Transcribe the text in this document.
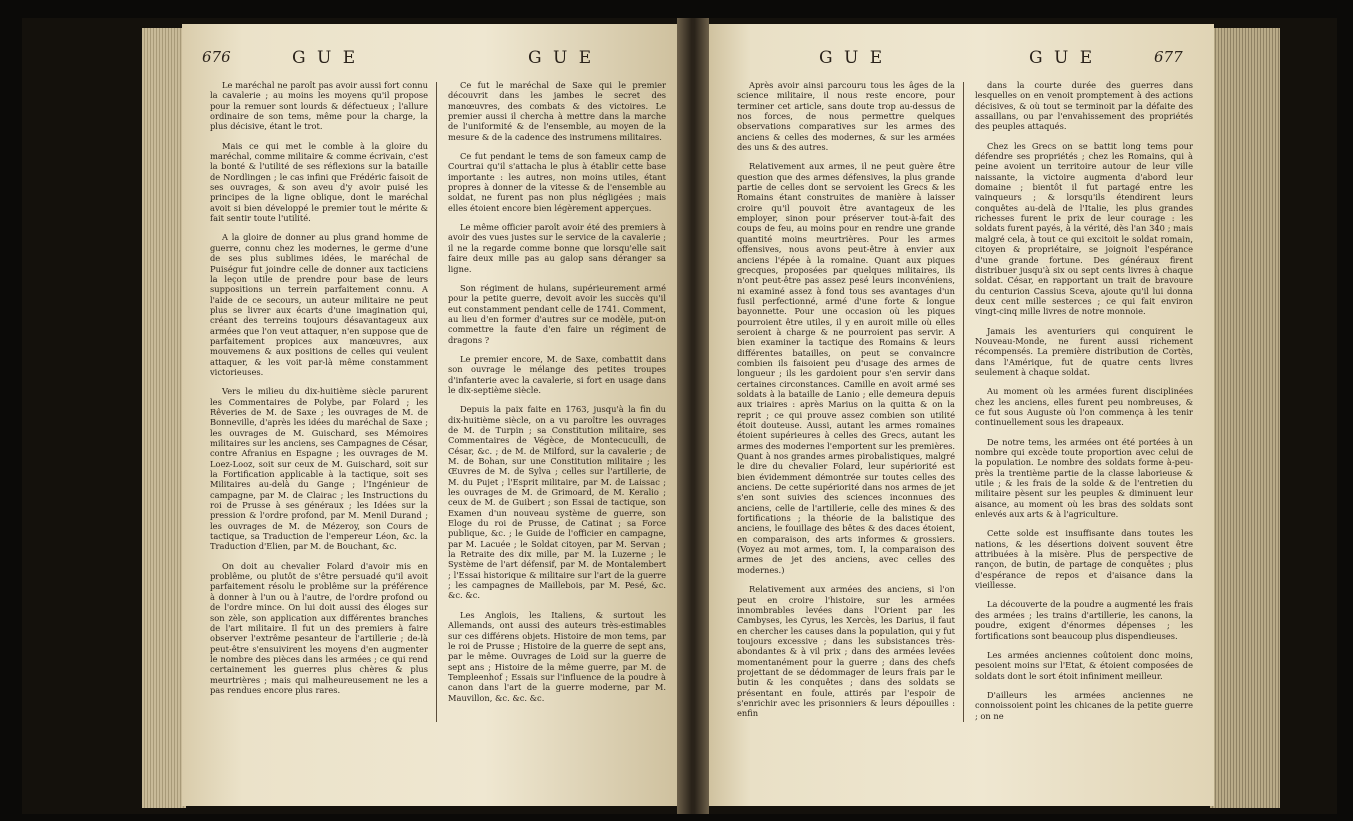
676	G U E	G U E

Le maréchal ne paroît pas avoir aussi fort connu la cavalerie ; au moins les moyens qu'il propose pour la remuer sont lourds & défectueux ; l'allure ordinaire de son tems, même pour la charge, la plus décisive, étant le trot.

Mais ce qui met le comble à la gloire du maréchal, comme militaire & comme écrivain, c'est la bonté & l'utilité de ses réflexions sur la bataille de Nordlingen ; le cas infini que Frédéric faisoit de ses ouvrages, & son aveu d'y avoir puisé les principes de la ligne oblique, dont le maréchal avoit si bien développé le premier tout le mérite & fait sentir toute l'utilité.

A la gloire de donner au plus grand homme de guerre, connu chez les modernes, le germe d'une de ses plus sublimes idées, le maréchal de Puiségur fut joindre celle de donner aux tacticiens la leçon utile de prendre pour base de leurs suppositions un terrein parfaitement connu. A l'aide de ce secours, un auteur militaire ne peut plus se livrer aux écarts d'une imagination qui, créant des terreins toujours désavantageux aux armées que l'on veut attaquer, n'en suppose que de parfaitement propices aux manœuvres, aux mouvemens & aux positions de celles qui veulent attaquer, & les voit par-là même constamment victorieuses.

Vers le milieu du dix-huitième siècle parurent les Commentaires de Polybe, par Folard ; les Rêveries de M. de Saxe ; les ouvrages de M. de Bonneville, d'après les idées du maréchal de Saxe ; les ouvrages de M. Guischard, ses Mémoires militaires sur les anciens, ses Campagnes de César, contre Afranius en Espagne ; les ouvrages de M. Loez-Looz, soit sur ceux de M. Guischard, soit sur la Fortification applicable à la tactique, soit ses Militaires au-delà du Gange ; l'Ingénieur de campagne, par M. de Clairac ; les Instructions du roi de Prusse à ses généraux ; les Idées sur la pression & l'ordre profond, par M. Menil Durand ; les ouvrages de M. de Mézeroy, son Cours de tactique, sa Traduction de l'empereur Léon, &c. la Traduction d'Elien, par M. de Bouchant, &c.

On doit au chevalier Folard d'avoir mis en problême, ou plutôt de s'être persuadé qu'il avoit parfaitement résolu le problême sur la préférence à donner à l'un ou à l'autre, de l'ordre profond ou de l'ordre mince. On lui doit aussi des éloges sur son zèle, son application aux différentes branches de l'art militaire. Il fut un des premiers à faire observer l'extrême pesanteur de l'artillerie ; de-là peut-être s'ensuivirent les moyens d'en augmenter le nombre des pièces dans les armées ; ce qui rend certainement les guerres plus chères & plus meurtrières ; mais qui malheureusement ne les a pas rendues encore plus rares.

Ce fut le maréchal de Saxe qui le premier découvrit dans les jambes le secret des manœuvres, des combats & des victoires. Le premier aussi il chercha à mettre dans la marche de l'uniformité & de l'ensemble, au moyen de la mesure & de la cadence des instrumens militaires.

Ce fut pendant le tems de son fameux camp de Courtrai qu'il s'attacha le plus à établir cette base importante : les autres, non moins utiles, étant propres à donner de la vitesse & de l'ensemble au soldat, ne furent pas non plus négligées ; mais elles étoient encore bien légèrement apperçues.

Le même officier paroît avoir été des premiers à avoir des vues justes sur le service de la cavalerie ; il ne la regarde comme bonne que lorsqu'elle sait faire deux mille pas au galop sans déranger sa ligne.

Son régiment de hulans, supérieurement armé pour la petite guerre, devoit avoir les succès qu'il eut constamment pendant celle de 1741. Comment, au lieu d'en former d'autres sur ce modèle, put-on commettre la faute d'en faire un régiment de dragons ?

Le premier encore, M. de Saxe, combattit dans son ouvrage le mélange des petites troupes d'infanterie avec la cavalerie, si fort en usage dans le dix-septième siècle.

Depuis la paix faite en 1763, jusqu'à la fin du dix-huitième siècle, on a vu paroître les ouvrages de M. de Turpin ; sa Constitution militaire, ses Commentaires de Végèce, de Montecuculli, de César, &c. ; de M. de Milford, sur la cavalerie ; de M. de Bohan, sur une Constitution militaire ; les Œuvres de M. de Sylva ; celles sur l'artillerie, de M. du Pujet ; l'Esprit militaire, par M. de Laissac ; les ouvrages de M. de Grimoard, de M. Keralio ; ceux de M. de Guibert ; son Essai de tactique, son Examen d'un nouveau système de guerre, son Eloge du roi de Prusse, de Catinat ; sa Force publique, &c. ; le Guide de l'officier en campagne, par M. Lacuée ; le Soldat citoyen, par M. Servan ; la Retraite des dix mille, par M. la Luzerne ; le Système de l'art défensif, par M. de Montalembert ; l'Essai historique & militaire sur l'art de la guerre ; les campagnes de Maillebois, par M. Pesé, &c. &c. &c.

Les Anglois, les Italiens, & surtout les Allemands, ont aussi des auteurs très-estimables sur ces différens objets. Histoire de mon tems, par le roi de Prusse ; Histoire de la guerre de sept ans, par le même. Ouvrages de Loid sur la guerre de sept ans ; Histoire de la même guerre, par M. de Templeenhof ; Essais sur l'influence de la poudre à canon dans l'art de la guerre moderne, par M. Mauvillon, &c. &c. &c.

G U E	G U E	677

Après avoir ainsi parcouru tous les âges de la science militaire, il nous reste encore, pour terminer cet article, sans doute trop au-dessus de nos forces, de nous permettre quelques observations comparatives sur les armes des anciens & celles des modernes, & sur les armées des uns & des autres.

Relativement aux armes, il ne peut guère être question que des armes défensives, la plus grande partie de celles dont se servoient les Grecs & les Romains étant construites de manière à laisser croire qu'il pouvoit être avantageux de les employer, sinon pour préserver tout-à-fait des coups de feu, au moins pour en rendre une grande quantité moins meurtrières. Pour les armes offensives, nous avons peut-être à envier aux anciens l'épée à la romaine. Quant aux piques grecques, proposées par quelques militaires, ils n'ont peut-être pas assez pesé leurs inconvéniens, ni examiné assez à fond tous ses avantages d'un fusil perfectionné, armé d'une forte & longue bayonnette. Pour une occasion où les piques pourroient être utiles, il y en auroit mille où elles seroient à charge & ne pourroient pas servir. A bien examiner la tactique des Romains & leurs différentes batailles, on peut se convaincre combien ils faisoient peu d'usage des armes de longueur ; ils les gardoient pour s'en servir dans certaines circonstances. Camille en avoit armé ses soldats à la bataille de Lanio ; elle demeura depuis aux triaires : après Marius on la quitta & on la reprit ; ce qui prouve assez combien son utilité étoit douteuse. Aussi, autant les armes romaines étoient supérieures à celles des Grecs, autant les armes des modernes l'emportent sur les premières. Quant à nos grandes armes pirobalistiques, malgré le dire du chevalier Folard, leur supériorité est bien évidemment démontrée sur toutes celles des anciens. De cette supériorité dans nos armes de jet s'en sont suivies des sciences inconnues des anciens, celle de l'artillerie, celle des mines & des fortifications ; la théorie de la balistique des anciens, le fouillage des bêtes & des daces étoient, en comparaison, des arts informes & grossiers. (Voyez au mot armes, tom. I, la comparaison des armes de jet des anciens, avec celles des modernes.)

Relativement aux armées des anciens, si l'on peut en croire l'histoire, sur les armées innombrables levées dans l'Orient par les Cambyses, les Cyrus, les Xercès, les Darius, il faut en chercher les causes dans la population, qui y fut toujours excessive ; dans les subsistances très-abondantes & à vil prix ; dans des armées levées momentanément pour la guerre ; dans des chefs projettant de se dédommager de leurs frais par le butin & les conquêtes ; dans des soldats se présentant en foule, attirés par l'espoir de s'enrichir avec les prisonniers & leurs dépouilles : enfin

dans la courte durée des guerres dans lesquelles on en venoit promptement à des actions décisives, & où tout se terminoit par la défaite des assaillans, ou par l'envahissement des propriétés des peuples attaqués.

Chez les Grecs on se battit long tems pour défendre ses propriétés ; chez les Romains, qui à peine avoient un territoire autour de leur ville naissante, la victoire augmenta d'abord leur domaine ; bientôt il fut partagé entre les vainqueurs ; & lorsqu'ils étendirent leurs conquêtes au-delà de l'Italie, les plus grandes richesses furent le prix de leur courage : les soldats furent payés, à la vérité, dès l'an 340 ; mais malgré cela, à tout ce qui excitoit le soldat romain, citoyen & propriétaire, se joignoit l'espérance d'une grande fortune. Des généraux firent distribuer jusqu'à six ou sept cents livres à chaque soldat. César, en rapportant un trait de bravoure du centurion Cassius Sceva, ajoute qu'il lui donna deux cent mille sesterces ; ce qui fait environ vingt-cinq mille livres de notre monnoie.

Jamais les aventuriers qui conquirent le Nouveau-Monde, ne furent aussi richement récompensés. La première distribution de Cortès, dans l'Amérique, fut de quatre cents livres seulement à chaque soldat.

Au moment où les armées furent disciplinées chez les anciens, elles furent peu nombreuses, & ce fut sous Auguste où l'on commença à les tenir continuellement sous les drapeaux.

De notre tems, les armées ont été portées à un nombre qui excède toute proportion avec celui de la population. Le nombre des soldats forme à-peu-près la trentième partie de la classe laborieuse & utile ; & les frais de la solde & de l'entretien du militaire pèsent sur les peuples & diminuent leur aisance, au moment où les bras des soldats sont enlevés aux arts & à l'agriculture.

Cette solde est insuffisante dans toutes les nations, & les désertions doivent souvent être attribuées à la misère. Plus de perspective de rançon, de butin, de partage de conquêtes ; plus d'espérance de repos et d'aisance dans la vieillesse.

La découverte de la poudre a augmenté les frais des armées ; les trains d'artillerie, les canons, la poudre, exigent d'énormes dépenses ; les fortifications sont beaucoup plus dispendieuses.

Les armées anciennes coûtoient donc moins, pesoient moins sur l'Etat, & étoient composées de soldats dont le sort étoit infiniment meilleur.

D'ailleurs les armées anciennes ne connoissoient point les chicanes de la petite guerre ; on ne
